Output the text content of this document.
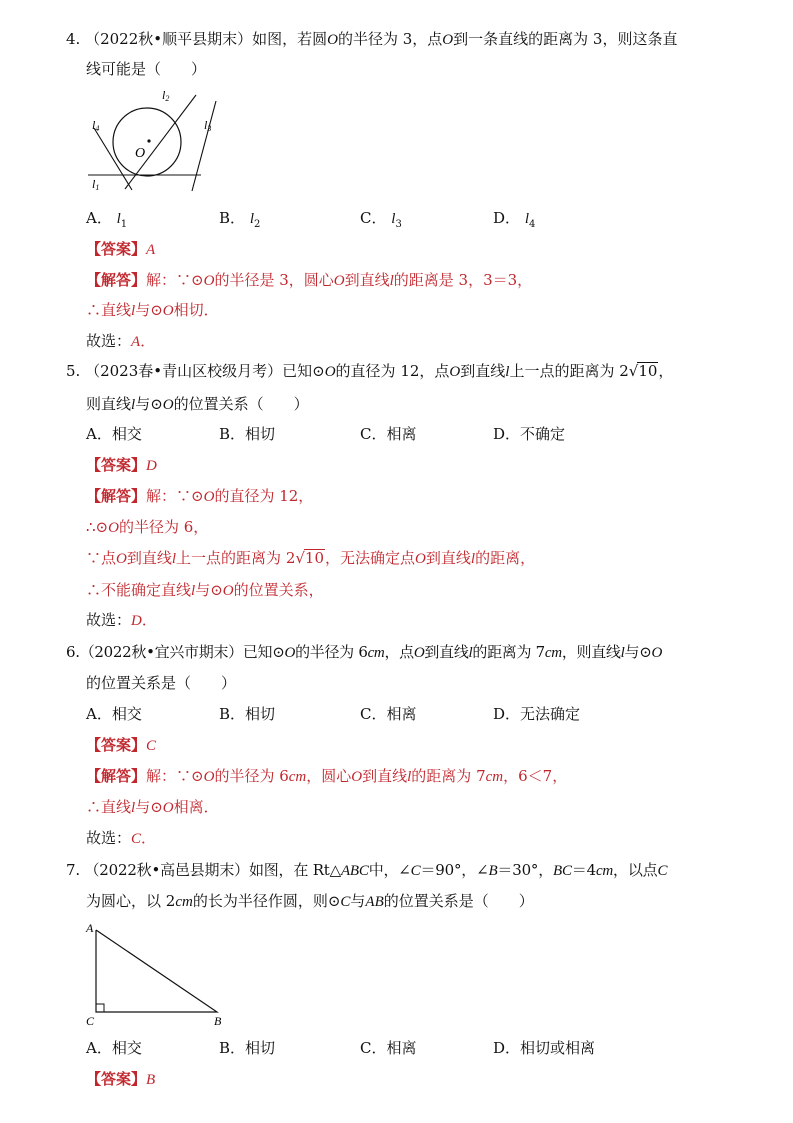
4. （2022秋•顺平县期末）如图，若圆O的半径为 3，点O到一条直线的距离为 3，则这条直
线可能是（　　）
l4
l2
l3
l1
O
A． $l_1$	B． $l_2$	C． $l_3$	D． $l_4$
【答案】A
【解答】解：∵⊙O的半径是 3，圆心O到直线l的距离是 3，3＝3，
∴直线l与⊙O相切．
故选：A．
5. （2023春•青山区校级月考）已知⊙O的直径为 12，点O到直线l上一点的距离为 2√10，
则直线l与⊙O的位置关系（　　）
A．相交	B．相切	C．相离	D．不确定
【答案】D
【解答】解：∵⊙O的直径为 12，
∴⊙O的半径为 6，
∵点O到直线l上一点的距离为 2√10，无法确定点O到直线l的距离，
∴不能确定直线l与⊙O的位置关系，
故选：D．
6.（2022秋•宜兴市期末）已知⊙O的半径为 6cm，点O到直线l的距离为 7cm，则直线l与⊙O
的位置关系是（　　）
A．相交	B．相切	C．相离	D．无法确定
【答案】C
【解答】解：∵⊙O的半径为 6cm，圆心O到直线l的距离为 7cm，6＜7，
∴直线l与⊙O相离．
故选：C．
7. （2022秋•高邑县期末）如图，在 Rt△ABC中，∠C＝90°，∠B＝30°，BC＝4cm，以点C
为圆心，以 2cm的长为半径作圆，则⊙C与AB的位置关系是（　　）
A
C	B
A．相交	B．相切	C．相离	D．相切或相离
【答案】B
